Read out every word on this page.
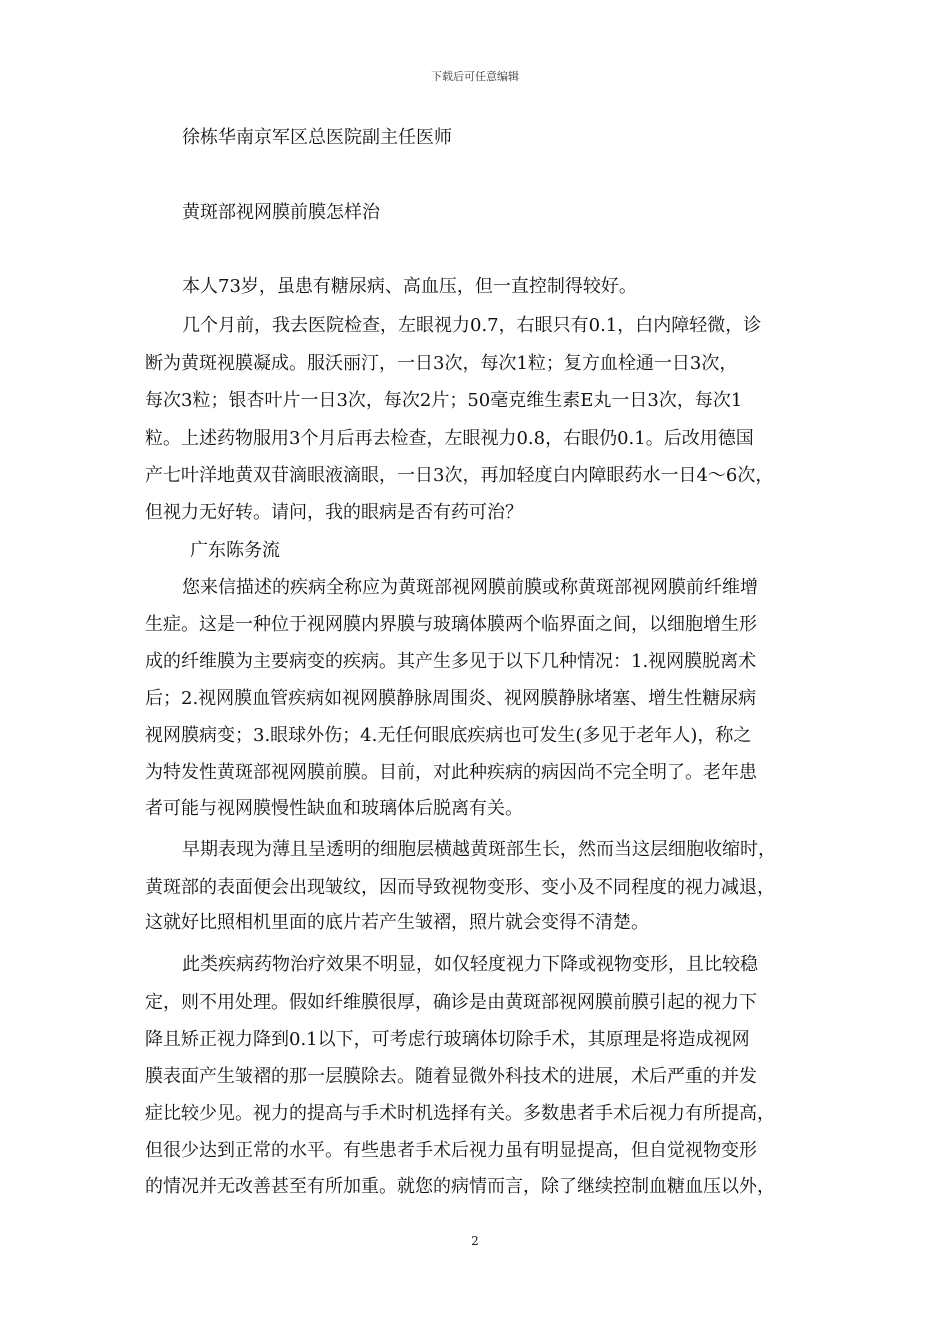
下载后可任意编辑
徐栋华南京军区总医院副主任医师
黄斑部视网膜前膜怎样治
本人73岁，虽患有糖尿病、高血压，但一直控制得较好。
几个月前，我去医院检查，左眼视力0.7，右眼只有0.1，白内障轻微，诊
断为黄斑视膜凝成。服沃丽汀，一日3次，每次1粒；复方血栓通一日3次，
每次3粒；银杏叶片一日3次，每次2片；50毫克维生素E丸一日3次，每次1
粒。上述药物服用3个月后再去检查，左眼视力0.8，右眼仍0.1。后改用德国
产七叶洋地黄双苷滴眼液滴眼，一日3次，再加轻度白内障眼药水一日4～6次，
但视力无好转。请问，我的眼病是否有药可治？
广东陈务流
您来信描述的疾病全称应为黄斑部视网膜前膜或称黄斑部视网膜前纤维增
生症。这是一种位于视网膜内界膜与玻璃体膜两个临界面之间，以细胞增生形
成的纤维膜为主要病变的疾病。其产生多见于以下几种情况：1.视网膜脱离术
后；2.视网膜血管疾病如视网膜静脉周围炎、视网膜静脉堵塞、增生性糖尿病
视网膜病变；3.眼球外伤；4.无任何眼底疾病也可发生(多见于老年人)，称之
为特发性黄斑部视网膜前膜。目前，对此种疾病的病因尚不完全明了。老年患
者可能与视网膜慢性缺血和玻璃体后脱离有关。
早期表现为薄且呈透明的细胞层横越黄斑部生长，然而当这层细胞收缩时，
黄斑部的表面便会出现皱纹，因而导致视物变形、变小及不同程度的视力减退，
这就好比照相机里面的底片若产生皱褶，照片就会变得不清楚。
此类疾病药物治疗效果不明显，如仅轻度视力下降或视物变形，且比较稳
定，则不用处理。假如纤维膜很厚，确诊是由黄斑部视网膜前膜引起的视力下
降且矫正视力降到0.1以下，可考虑行玻璃体切除手术，其原理是将造成视网
膜表面产生皱褶的那一层膜除去。随着显微外科技术的进展，术后严重的并发
症比较少见。视力的提高与手术时机选择有关。多数患者手术后视力有所提高，
但很少达到正常的水平。有些患者手术后视力虽有明显提高，但自觉视物变形
的情况并无改善甚至有所加重。就您的病情而言，除了继续控制血糖血压以外，
2
